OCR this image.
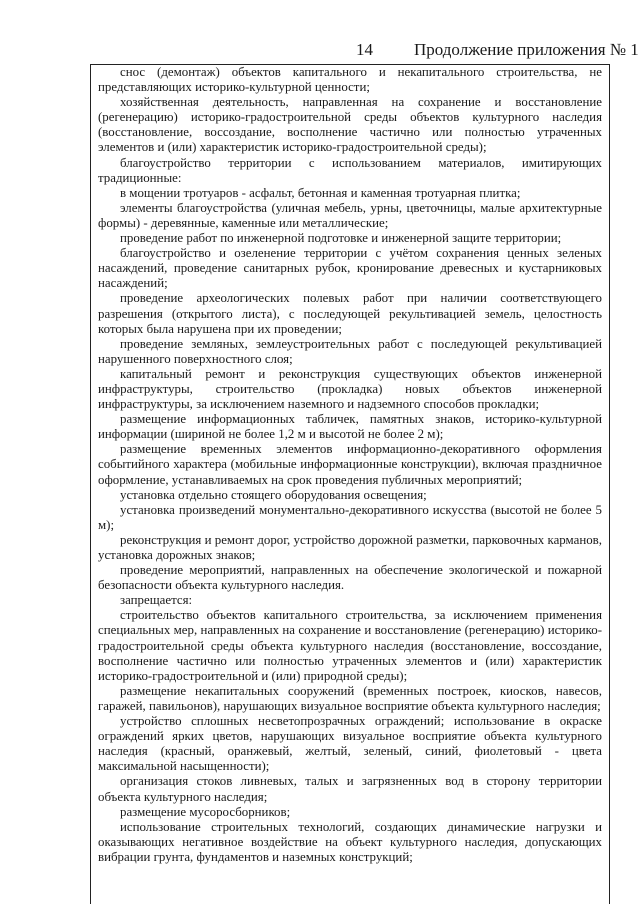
14 Продолжение приложения № 1

снос (демонтаж) объектов капитального и некапитального строительства, не представляющих историко-культурной ценности;

хозяйственная деятельность, направленная на сохранение и восстановление (регенерацию) историко-градостроительной среды объектов культурного наследия (восстановление, воссоздание, восполнение частично или полностью утраченных элементов и (или) характеристик историко-градостроительной среды);

благоустройство территории с использованием материалов, имитирующих традиционные:

в мощении тротуаров - асфальт, бетонная и каменная тротуарная плитка;

элементы благоустройства (уличная мебель, урны, цветочницы, малые архитектурные формы) - деревянные, каменные или металлические;

проведение работ по инженерной подготовке и инженерной защите территории;

благоустройство и озеленение территории с учётом сохранения ценных зеленых насаждений, проведение санитарных рубок, кронирование древесных и кустарниковых насаждений;

проведение археологических полевых работ при наличии соответствующего разрешения (открытого листа), с последующей рекультивацией земель, целостность которых была нарушена при их проведении;

проведение земляных, землеустроительных работ с последующей рекультивацией нарушенного поверхностного слоя;

капитальный ремонт и реконструкция существующих объектов инженерной инфраструктуры, строительство (прокладка) новых объектов инженерной инфраструктуры, за исключением наземного и надземного способов прокладки;

размещение информационных табличек, памятных знаков, историко-культурной информации (шириной не более 1,2 м и высотой не более 2 м);

размещение временных элементов информационно-декоративного оформления событийного характера (мобильные информационные конструкции), включая праздничное оформление, устанавливаемых на срок проведения публичных мероприятий;

установка отдельно стоящего оборудования освещения;

установка произведений монументально-декоративного искусства (высотой не более 5 м);

реконструкция и ремонт дорог, устройство дорожной разметки, парковочных карманов, установка дорожных знаков;

проведение мероприятий, направленных на обеспечение экологической и пожарной безопасности объекта культурного наследия.

запрещается:

строительство объектов капитального строительства, за исключением применения специальных мер, направленных на сохранение и восстановление (регенерацию) историко-градостроительной среды объекта культурного наследия (восстановление, воссоздание, восполнение частично или полностью утраченных элементов и (или) характеристик историко-градостроительной и (или) природной среды);

размещение некапитальных сооружений (временных построек, киосков, навесов, гаражей, павильонов), нарушающих визуальное восприятие объекта культурного наследия;

устройство сплошных несветопрозрачных ограждений; использование в окраске ограждений ярких цветов, нарушающих визуальное восприятие объекта культурного наследия (красный, оранжевый, желтый, зеленый, синий, фиолетовый - цвета максимальной насыщенности);

организация стоков ливневых, талых и загрязненных вод в сторону территории объекта культурного наследия;

размещение мусоросборников;

использование строительных технологий, создающих динамические нагрузки и оказывающих негативное воздействие на объект культурного наследия, допускающих вибрации грунта, фундаментов и наземных конструкций;
